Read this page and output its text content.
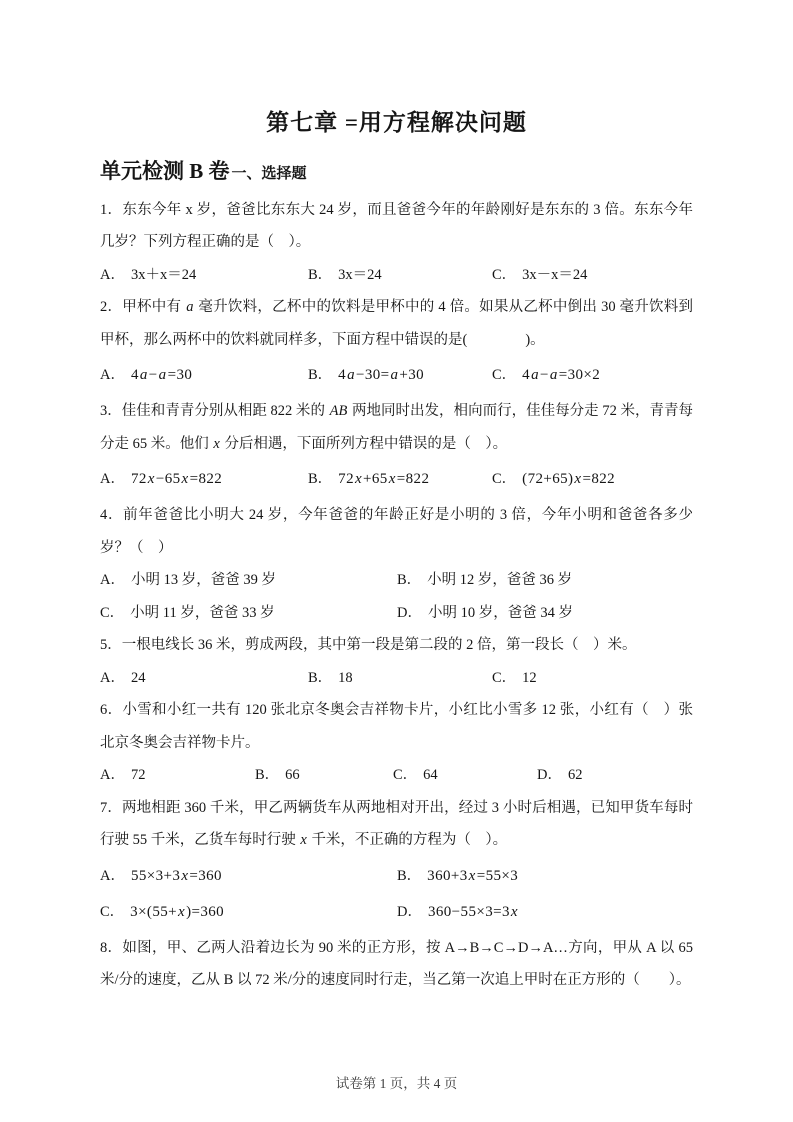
第七章 =用方程解决问题
单元检测 B 卷 一、选择题

1．东东今年 x 岁，爸爸比东东大 24 岁，而且爸爸今年的年龄刚好是东东的 3 倍。东东今年几岁？下列方程正确的是（　）。

A． 3x＋x＝24	B． 3x＝24	C． 3x－x＝24

2．甲杯中有 a 毫升饮料，乙杯中的饮料是甲杯中的 4 倍。如果从乙杯中倒出 30 毫升饮料到甲杯，那么两杯中的饮料就同样多，下面方程中错误的是(　　　　)。

A． 4a−a=30	B． 4a−30=a+30	C． 4a−a=30×2

3．佳佳和青青分别从相距 822 米的 AB 两地同时出发，相向而行，佳佳每分走 72 米，青青每分走 65 米。他们 x 分后相遇，下面所列方程中错误的是（　）。

A． 72x−65x=822	B． 72x+65x=822	C． (72+65)x=822

4．前年爸爸比小明大 24 岁，今年爸爸的年龄正好是小明的 3 倍，今年小明和爸爸各多少岁？（　）

A． 小明 13 岁，爸爸 39 岁	B． 小明 12 岁，爸爸 36 岁
C． 小明 11 岁，爸爸 33 岁	D． 小明 10 岁，爸爸 34 岁

5．一根电线长 36 米，剪成两段，其中第一段是第二段的 2 倍，第一段长（　）米。

A． 24	B． 18	C． 12

6．小雪和小红一共有 120 张北京冬奥会吉祥物卡片，小红比小雪多 12 张，小红有（　）张北京冬奥会吉祥物卡片。

A． 72	B． 66	C． 64	D． 62

7．两地相距 360 千米，甲乙两辆货车从两地相对开出，经过 3 小时后相遇，已知甲货车每时行驶 55 千米，乙货车每时行驶 x 千米，不正确的方程为（　）。

A． 55×3+3x=360	B． 360+3x=55×3
C． 3×(55+x)=360	D． 360−55×3=3x

8．如图，甲、乙两人沿着边长为 90 米的正方形，按 A→B→C→D→A…方向，甲从 A 以 65 米/分的速度，乙从 B 以 72 米/分的速度同时行走，当乙第一次追上甲时在正方形的（　　）。

试卷第 1 页，共 4 页
